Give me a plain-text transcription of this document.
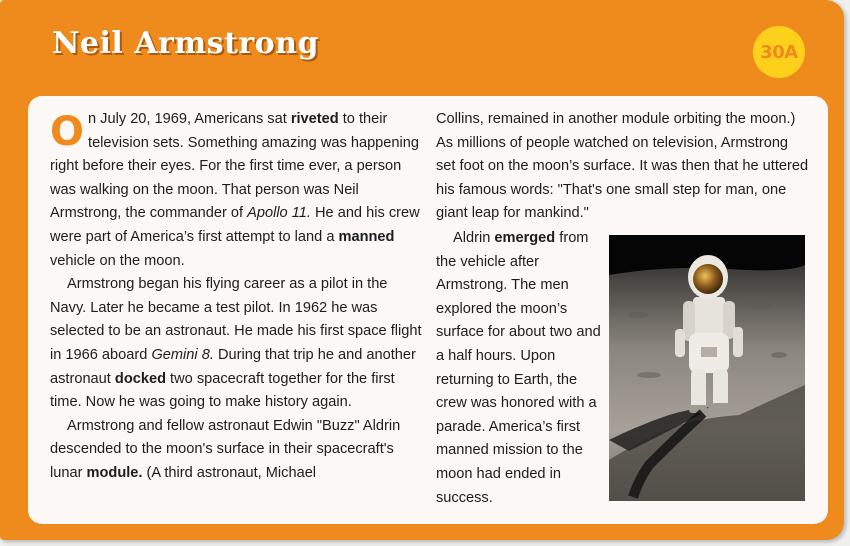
Neil Armstrong	30A

On July 20, 1969, Americans sat riveted to their television sets. Something amazing was happening right before their eyes. For the first time ever, a person was walking on the moon. That person was Neil Armstrong, the commander of Apollo 11. He and his crew were part of America’s first attempt to land a manned vehicle on the moon.

Armstrong began his flying career as a pilot in the Navy. Later he became a test pilot. In 1962 he was selected to be an astronaut. He made his first space flight in 1966 aboard Gemini 8. During that trip he and another astronaut docked two spacecraft together for the first time. Now he was going to make history again.

Armstrong and fellow astronaut Edwin "Buzz" Aldrin descended to the moon's surface in their spacecraft's lunar module. (A third astronaut, Michael

Collins, remained in another module orbiting the moon.) As millions of people watched on television, Armstrong set foot on the moon’s surface. It was then that he uttered his famous words: "That's one small step for man, one giant leap for mankind."

Aldrin emerged from the vehicle after Armstrong. The men explored the moon’s surface for about two and a half hours. Upon returning to Earth, the crew was honored with a parade. America’s first manned mission to the moon had ended in success.
